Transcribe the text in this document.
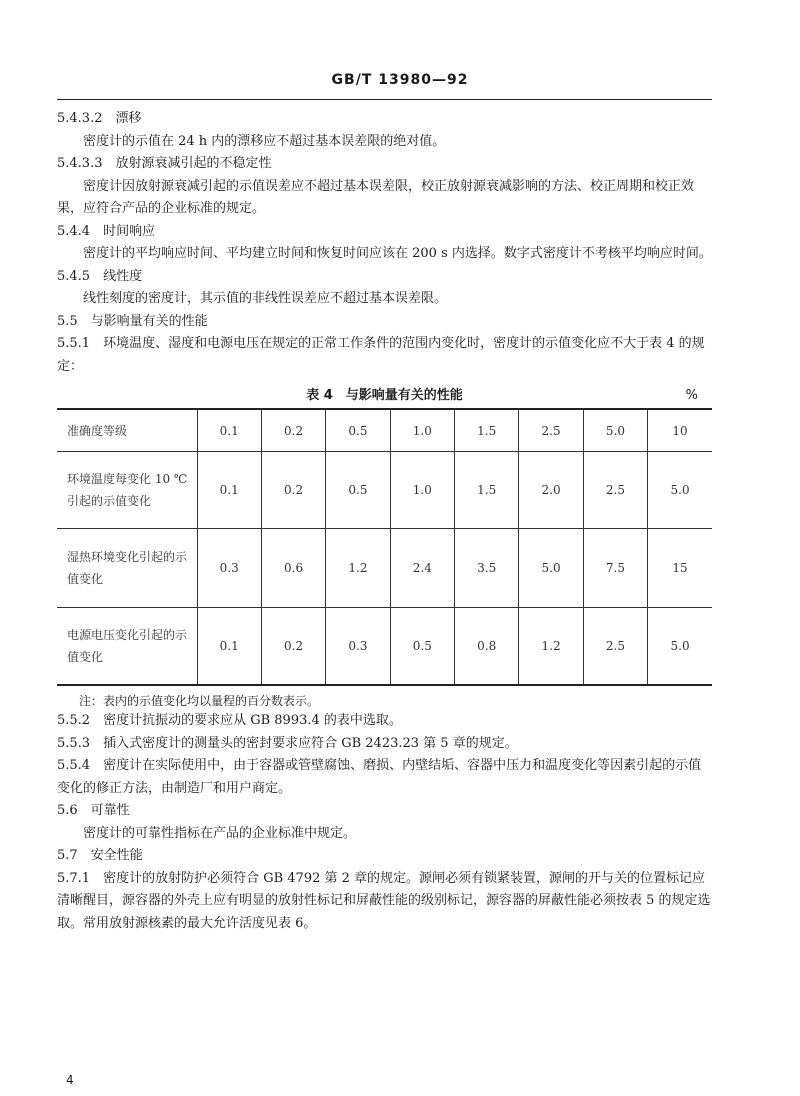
GB/T 13980—92

5.4.3.2　漂移

密度计的示值在 24 h 内的漂移应不超过基本误差限的绝对值。

5.4.3.3　放射源衰减引起的不稳定性

密度计因放射源衰减引起的示值误差应不超过基本误差限，校正放射源衰减影响的方法、校正周期和校正效果，应符合产品的企业标准的规定。

5.4.4　时间响应

密度计的平均响应时间、平均建立时间和恢复时间应该在 200 s 内选择。数字式密度计不考核平均响应时间。

5.4.5　线性度

线性刻度的密度计，其示值的非线性误差应不超过基本误差限。

5.5　与影响量有关的性能

5.5.1　环境温度、湿度和电源电压在规定的正常工作条件的范围内变化时，密度计的示值变化应不大于表 4 的规定：

表 4　与影响量有关的性能	%
准确度等级	0.1	0.2	0.5	1.0	1.5	2.5	5.0	10
环境温度每变化 10 ℃引起的示值变化	0.1	0.2	0.5	1.0	1.5	2.0	2.5	5.0
湿热环境变化引起的示值变化	0.3	0.6	1.2	2.4	3.5	5.0	7.5	15
电源电压变化引起的示值变化	0.1	0.2	0.3	0.5	0.8	1.2	2.5	5.0

注：表内的示值变化均以量程的百分数表示。

5.5.2　密度计抗振动的要求应从 GB 8993.4 的表中选取。

5.5.3　插入式密度计的测量头的密封要求应符合 GB 2423.23 第 5 章的规定。

5.5.4　密度计在实际使用中，由于容器或管壁腐蚀、磨损、内壁结垢、容器中压力和温度变化等因素引起的示值变化的修正方法，由制造厂和用户商定。

5.6　可靠性

密度计的可靠性指标在产品的企业标准中规定。

5.7　安全性能

5.7.1　密度计的放射防护必须符合 GB 4792 第 2 章的规定。源闸必须有锁紧装置，源闸的开与关的位置标记应清晰醒目，源容器的外壳上应有明显的放射性标记和屏蔽性能的级别标记，源容器的屏蔽性能必须按表 5 的规定选取。常用放射源核素的最大允许活度见表 6。

4
